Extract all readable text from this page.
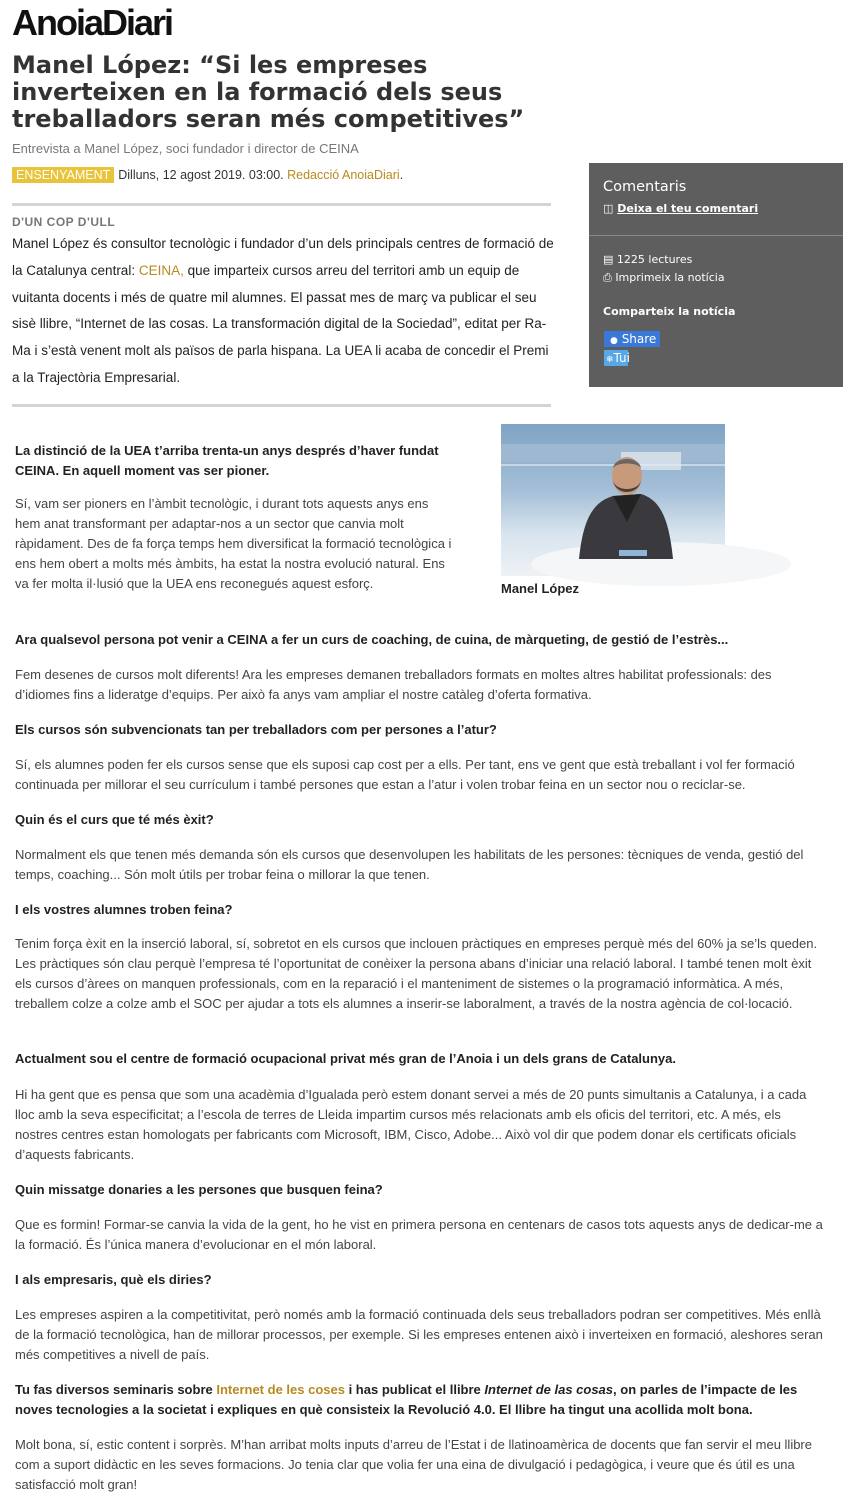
AnoiaDiari
Manel López: “Si les empreses inverteixen en la formació dels seus treballadors seran més competitives”
Entrevista a Manel López, soci fundador i director de CEINA
ENSENYAMENT Dilluns, 12 agost 2019. 03:00. Redacció AnoiaDiari.
D'UN COP D'ULL
Manel López és consultor tecnològic i fundador d’un dels principals centres de formació de la Catalunya central: CEINA, que imparteix cursos arreu del territori amb un equip de vuitanta docents i més de quatre mil alumnes. El passat mes de març va publicar el seu sisè llibre, “Internet de las cosas. La transformación digital de la Sociedad”, editat per Ra-Ma i s’està venent molt als països de parla hispana. La UEA li acaba de concedir el Premi a la Trajectòria Empresarial.
Comentaris
◫ Deixa el teu comentari
▤ 1225 lectures
⎙ Imprimeix la notícia
Comparteix la notícia
● Share
❄Tui
Manel López
La distinció de la UEA t’arriba trenta-un anys després d’haver fundat CEINA. En aquell moment vas ser pioner.
Sí, vam ser pioners en l’àmbit tecnològic, i durant tots aquests anys ens hem anat transformant per adaptar-nos a un sector que canvia molt ràpidament. Des de fa força temps hem diversificat la formació tecnològica i ens hem obert a molts més àmbits, ha estat la nostra evolució natural. Ens va fer molta il·lusió que la UEA ens reconegués aquest esforç.
Ara qualsevol persona pot venir a CEINA a fer un curs de coaching, de cuina, de màrqueting, de gestió de l’estrès...
Fem desenes de cursos molt diferents! Ara les empreses demanen treballadors formats en moltes altres habilitat professionals: des d’idiomes fins a lideratge d’equips. Per això fa anys vam ampliar el nostre catàleg d’oferta formativa.
Els cursos són subvencionats tan per treballadors com per persones a l’atur?
Sí, els alumnes poden fer els cursos sense que els suposi cap cost per a ells. Per tant, ens ve gent que està treballant i vol fer formació continuada per millorar el seu currículum i també persones que estan a l’atur i volen trobar feina en un sector nou o reciclar-se.
Quin és el curs que té més èxit?
Normalment els que tenen més demanda són els cursos que desenvolupen les habilitats de les persones: tècniques de venda, gestió del temps, coaching... Són molt útils per trobar feina o millorar la que tenen.
I els vostres alumnes troben feina?
Tenim força èxit en la inserció laboral, sí, sobretot en els cursos que inclouen pràctiques en empreses perquè més del 60% ja se’ls queden. Les pràctiques són clau perquè l’empresa té l’oportunitat de conèixer la persona abans d’iniciar una relació laboral. I també tenen molt èxit els cursos d’àrees on manquen professionals, com en la reparació i el manteniment de sistemes o la programació informàtica. A més, treballem colze a colze amb el SOC per ajudar a tots els alumnes a inserir-se laboralment, a través de la nostra agència de col·locació.
Actualment sou el centre de formació ocupacional privat més gran de l’Anoia i un dels grans de Catalunya.
Hi ha gent que es pensa que som una acadèmia d’Igualada però estem donant servei a més de 20 punts simultanis a Catalunya, i a cada lloc amb la seva especificitat; a l’escola de terres de Lleida impartim cursos més relacionats amb els oficis del territori, etc. A més, els nostres centres estan homologats per fabricants com Microsoft, IBM, Cisco, Adobe... Això vol dir que podem donar els certificats oficials d’aquests fabricants.
Quin missatge donaries a les persones que busquen feina?
Que es formin! Formar-se canvia la vida de la gent, ho he vist en primera persona en centenars de casos tots aquests anys de dedicar-me a la formació. És l’única manera d’evolucionar en el món laboral.
I als empresaris, què els diries?
Les empreses aspiren a la competitivitat, però només amb la formació continuada dels seus treballadors podran ser competitives. Més enllà de la formació tecnològica, han de millorar processos, per exemple. Si les empreses entenen això i inverteixen en formació, aleshores seran més competitives a nivell de país.
Tu fas diversos seminaris sobre Internet de les coses i has publicat el llibre Internet de las cosas, on parles de l’impacte de les noves tecnologies a la societat i expliques en què consisteix la Revolució 4.0. El llibre ha tingut una acollida molt bona.
Molt bona, sí, estic content i sorprès. M’han arribat molts inputs d’arreu de l’Estat i de llatinoamèrica de docents que fan servir el meu llibre com a suport didàctic en les seves formacions. Jo tenia clar que volia fer una eina de divulgació i pedagògica, i veure que és útil es una satisfacció molt gran!
